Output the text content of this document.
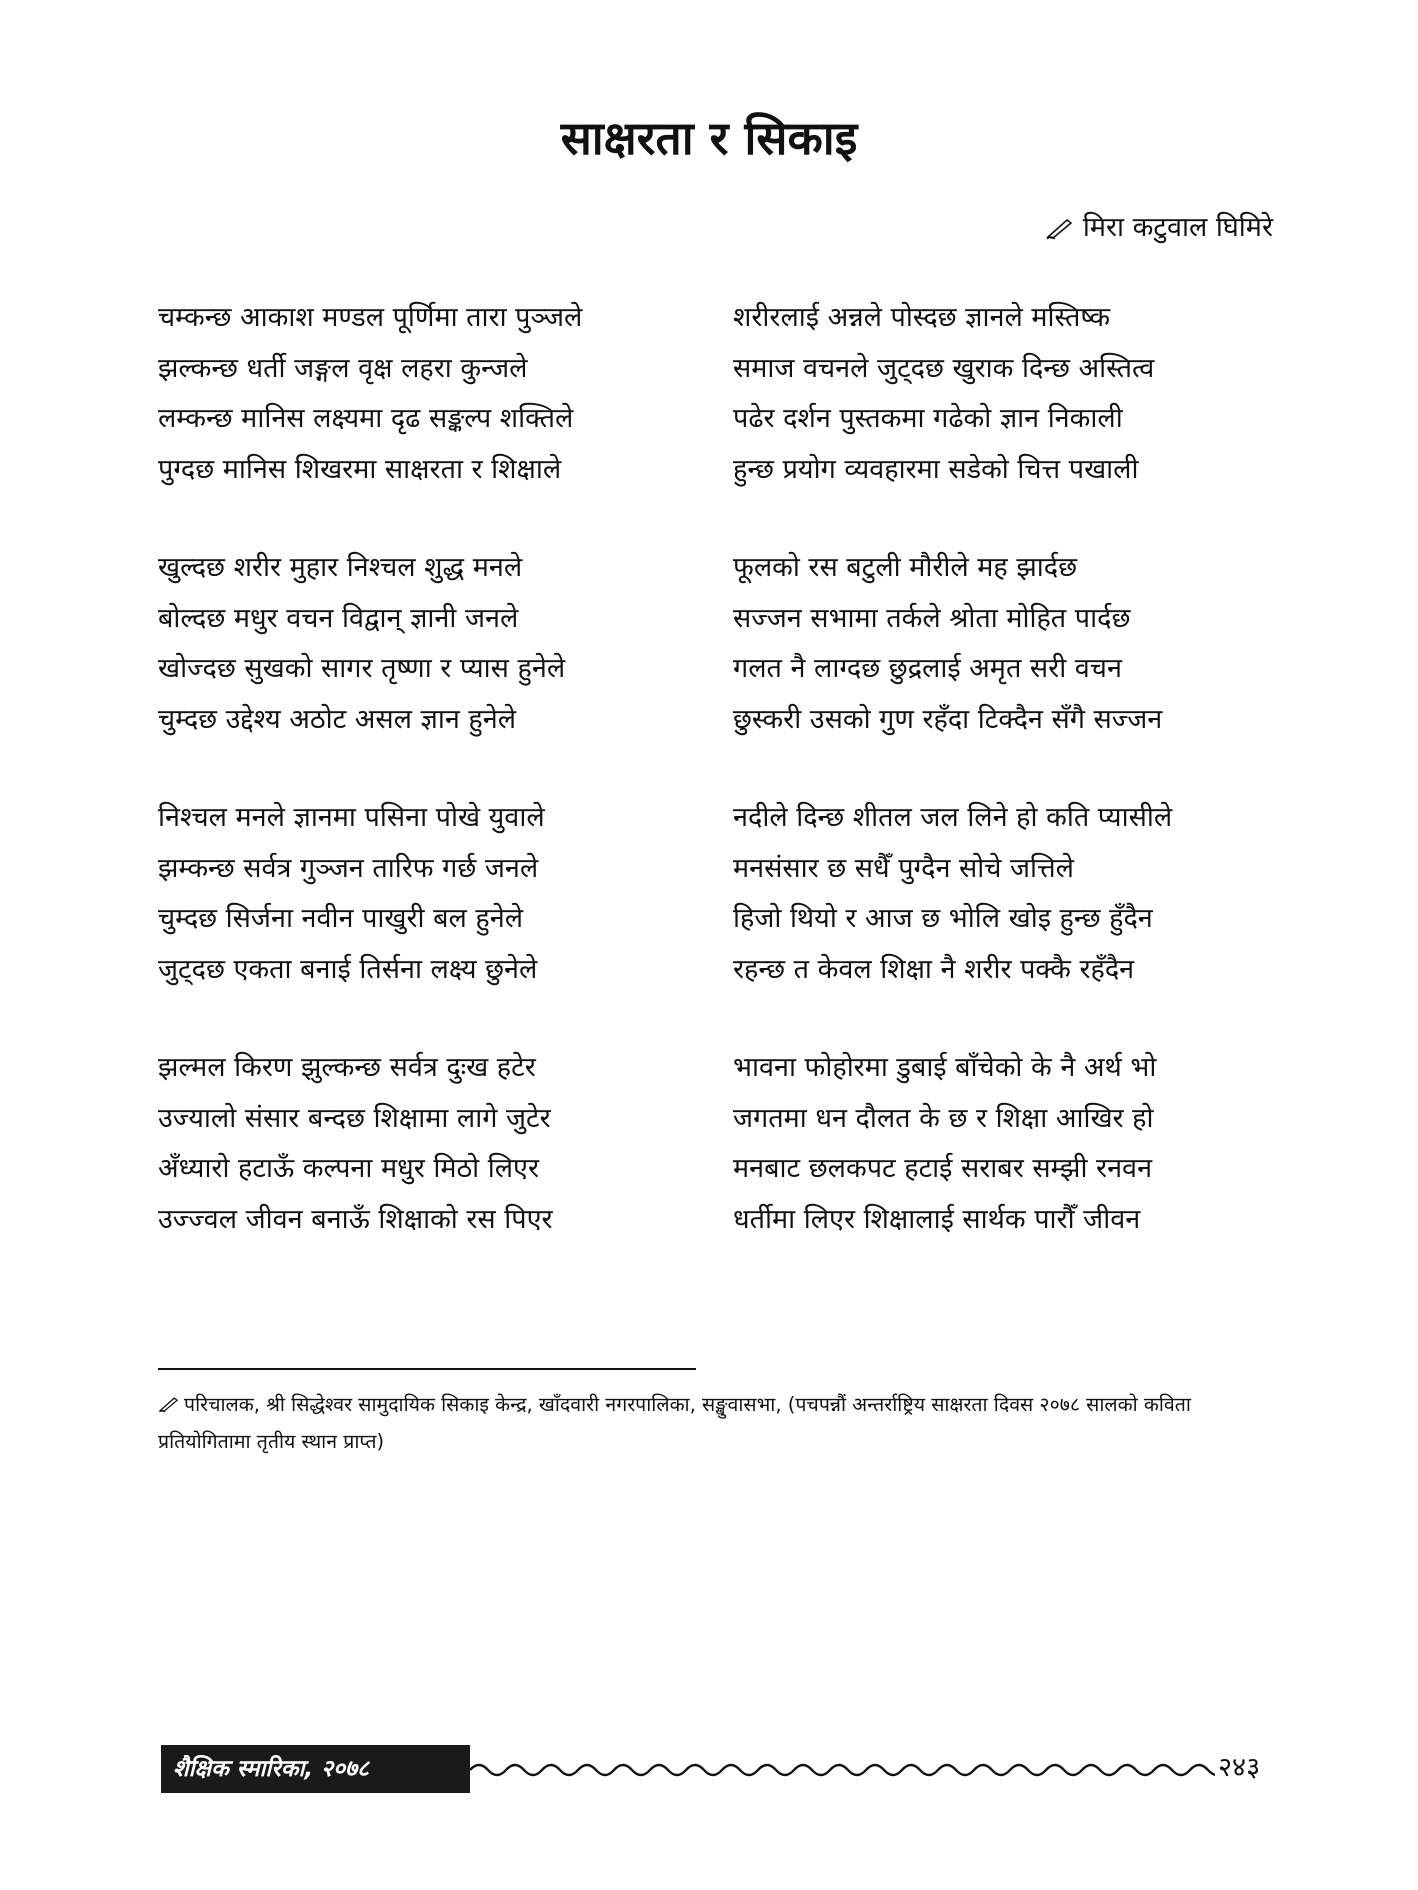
साक्षरता र सिकाइ
मिरा कटुवाल घिमिरे
चम्कन्छ आकाश मण्डल पूर्णिमा तारा पुञ्जले
झल्कन्छ धर्ती जङ्गल वृक्ष लहरा कुन्जले
लम्कन्छ मानिस लक्ष्यमा दृढ सङ्कल्प शक्तिले
पुग्दछ मानिस शिखरमा साक्षरता र शिक्षाले
खुल्दछ शरीर मुहार निश्चल शुद्ध मनले
बोल्दछ मधुर वचन विद्वान् ज्ञानी जनले
खोज्दछ सुखको सागर तृष्णा र प्यास हुनेले
चुम्दछ उद्देश्य अठोट असल ज्ञान हुनेले
निश्चल मनले ज्ञानमा पसिना पोखे युवाले
झम्कन्छ सर्वत्र गुञ्जन तारिफ गर्छ जनले
चुम्दछ सिर्जना नवीन पाखुरी बल हुनेले
जुट्दछ एकता बनाई तिर्सना लक्ष्य छुनेले
झल्मल किरण झुल्कन्छ सर्वत्र दुःख हटेर
उज्यालो संसार बन्दछ शिक्षामा लागे जुटेर
अँध्यारो हटाऊँ कल्पना मधुर मिठो लिएर
उज्ज्वल जीवन बनाऊँ शिक्षाको रस पिएर
शरीरलाई अन्नले पोस्दछ ज्ञानले मस्तिष्क
समाज वचनले जुट्दछ खुराक दिन्छ अस्तित्व
पढेर दर्शन पुस्तकमा गढेको ज्ञान निकाली
हुन्छ प्रयोग व्यवहारमा सडेको चित्त पखाली
फूलको रस बटुली मौरीले मह झार्दछ
सज्जन सभामा तर्कले श्रोता मोहित पार्दछ
गलत नै लाग्दछ छुद्रलाई अमृत सरी वचन
छुस्करी उसको गुण रहँदा टिक्दैन सँगै सज्जन
नदीले दिन्छ शीतल जल लिने हो कति प्यासीले
मनसंसार छ सधैँ पुग्दैन सोचे जत्तिले
हिजो थियो र आज छ भोलि खोइ हुन्छ हुँदैन
रहन्छ त केवल शिक्षा नै शरीर पक्कै रहँदैन
भावना फोहोरमा डुबाई बाँचेको के नै अर्थ भो
जगतमा धन दौलत के छ र शिक्षा आखिर हो
मनबाट छलकपट हटाई सराबर सम्झी रनवन
धर्तीमा लिएर शिक्षालाई सार्थक पारौँ जीवन
परिचालक, श्री सिद्धेश्वर सामुदायिक सिकाइ केन्द्र, खाँदवारी नगरपालिका, सङ्खुवासभा, (पचपन्नौं अन्तर्राष्ट्रिय साक्षरता दिवस २०७८ सालको कविता प्रतियोगितामा तृतीय स्थान प्राप्त)
शैक्षिक स्मारिका, २०७८	२४३
